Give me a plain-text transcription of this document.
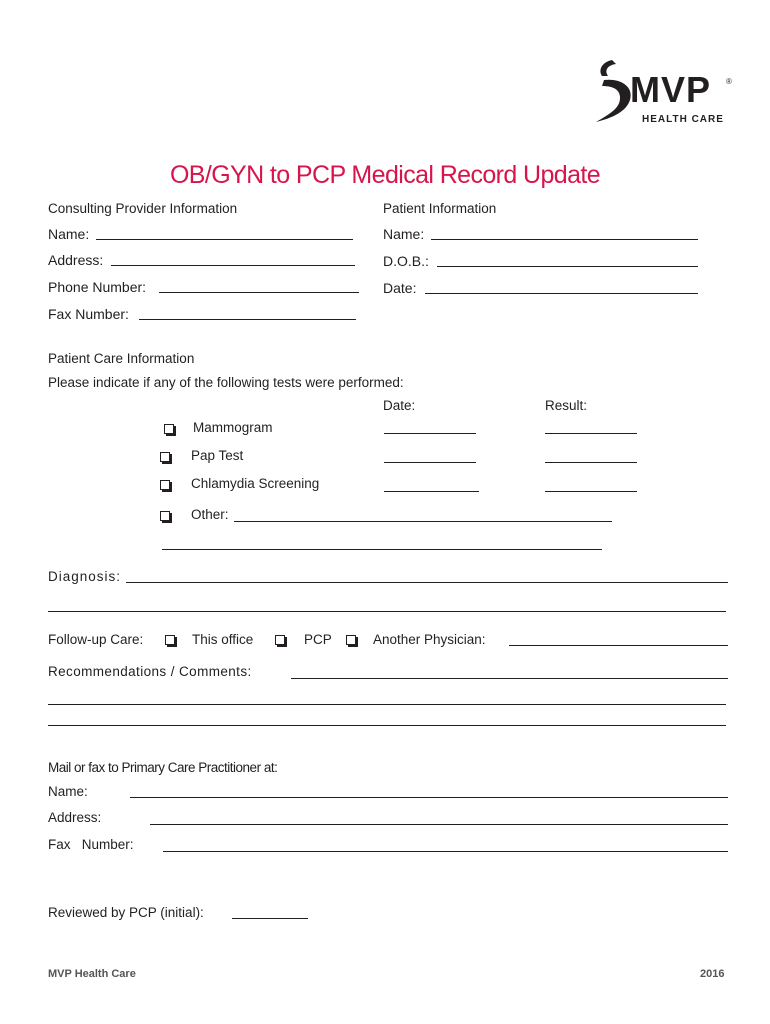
MVP ®
HEALTH CARE
OB/GYN to PCP Medical Record Update
Consulting Provider Information
Name:
Address:
Phone Number:
Fax Number:
Patient Information
Name:
D.O.B.:
Date:
Patient Care Information
Please indicate if any of the following tests were performed:
Date:	Result:
Mammogram
Pap Test
Chlamydia Screening
Other:
Diagnosis:
Follow-up Care:	This office	PCP	Another Physician:
Recommendations / Comments:
Mail or fax to Primary Care Practitioner at:
Name:
Address:
Fax   Number:
Reviewed by PCP (initial):
MVP Health Care	2016
